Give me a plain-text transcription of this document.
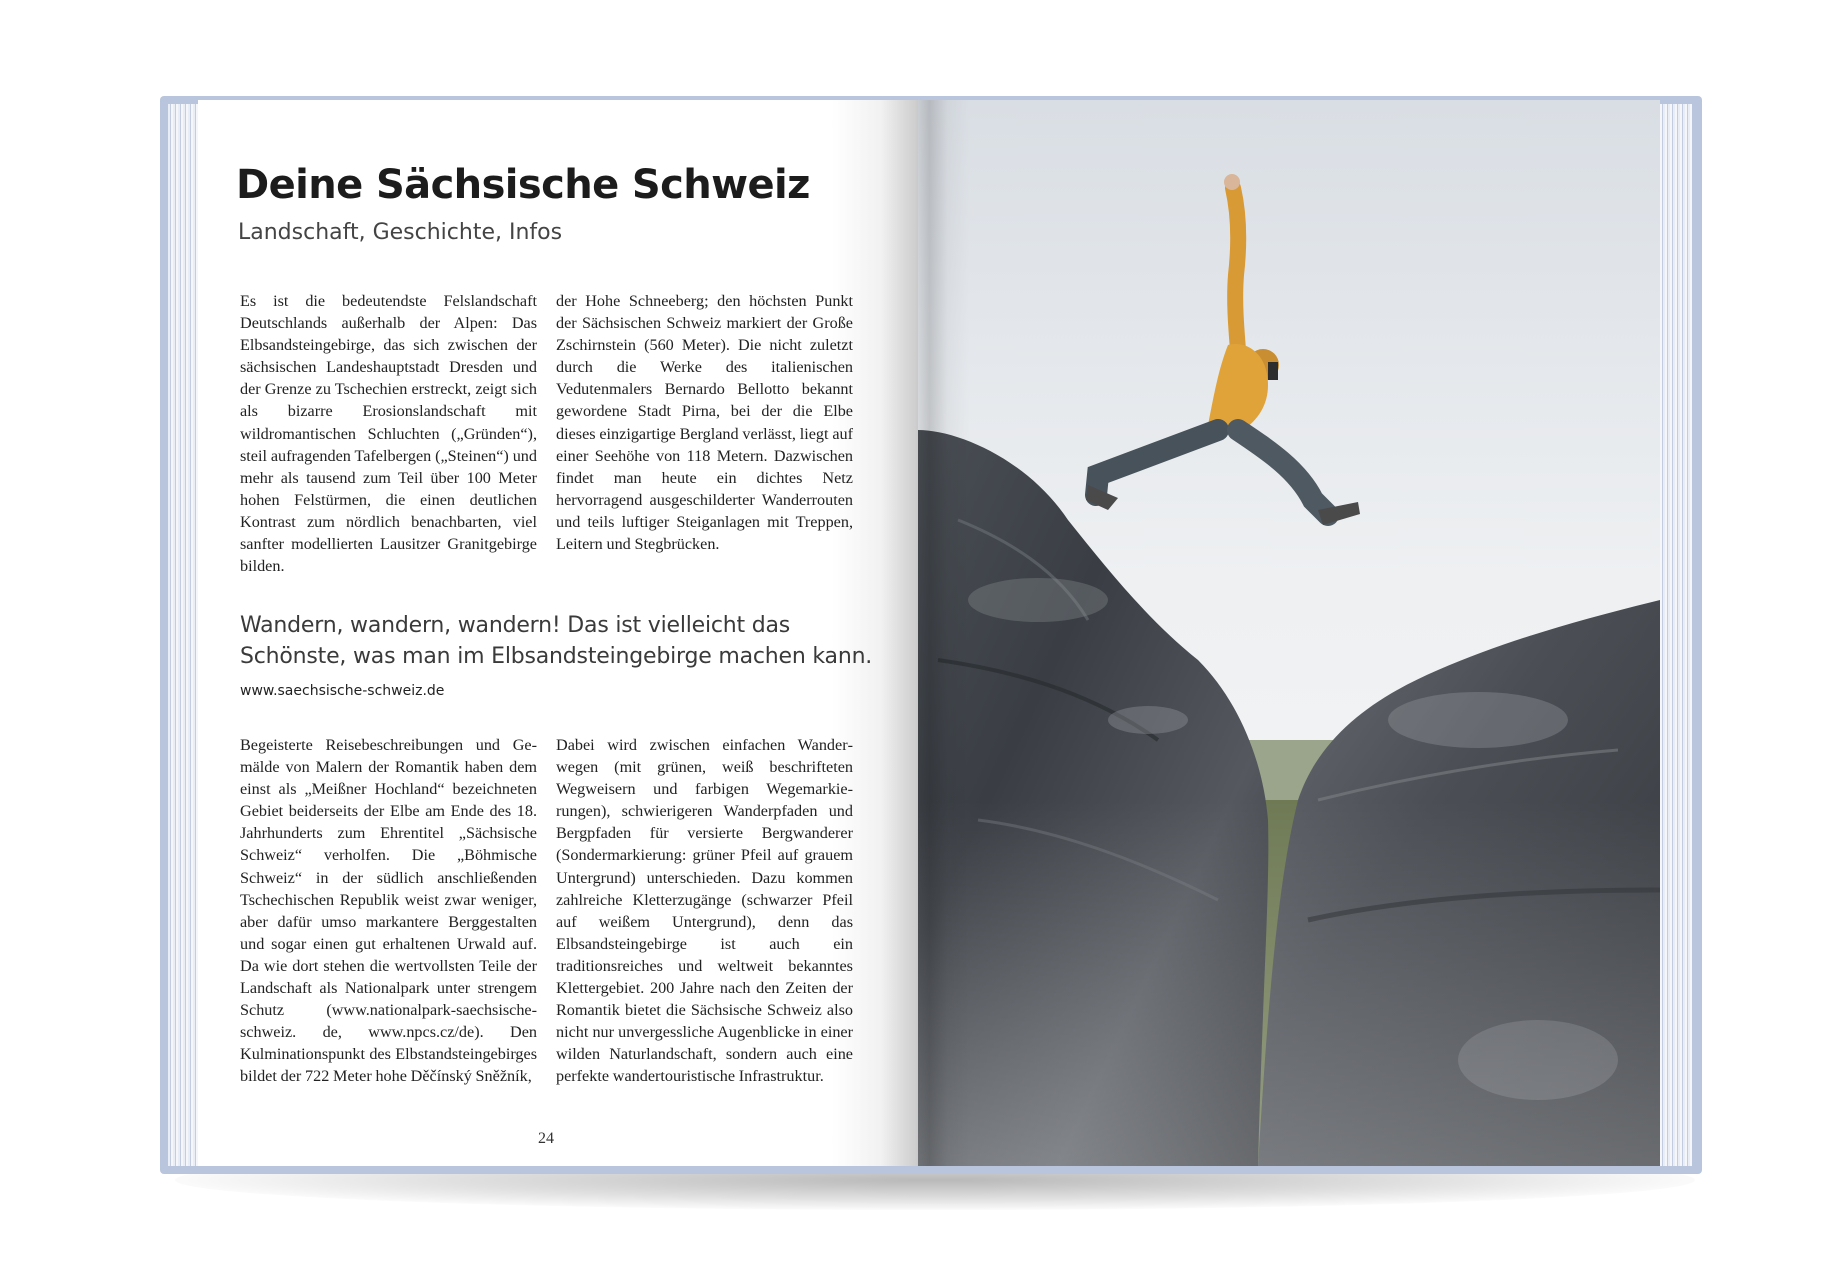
Deine Sächsische Schweiz
Landschaft, Geschichte, Infos

Es ist die bedeutendste Felslandschaft Deutschlands außerhalb der Alpen: Das Elbsandsteingebirge, das sich zwischen der sächsischen Landeshauptstadt Dresden und der Grenze zu Tschechien erstreckt, zeigt sich als bizarre Erosionslandschaft mit wildromantischen Schluchten („Gründen“), steil aufragenden Tafelbergen („Steinen“) und mehr als tausend zum Teil über 100 Meter hohen Felstürmen, die einen deutlichen Kontrast zum nördlich benachbarten, viel sanfter modellierten Lausitzer Granitgebirge bilden.

der Hohe Schneeberg; den höchsten Punkt der Sächsischen Schweiz markiert der Große Zschirnstein (560 Meter). Die nicht zuletzt durch die Werke des italienischen Vedutenmalers Bernardo Bellotto bekannt gewordene Stadt Pirna, bei der die Elbe dieses einzigartige Bergland verlässt, liegt auf einer Seehöhe von 118 Metern. Dazwischen findet man heute ein dichtes Netz hervorragend ausgeschilderter Wanderrouten und teils luftiger Steiganlagen mit Treppen, Leitern und Stegbrücken.

Wandern, wandern, wandern! Das ist vielleicht das Schönste, was man im Elbsandsteingebirge machen kann.

www.saechsische-schweiz.de

Begeisterte Reisebeschreibungen und Gemälde von Malern der Romantik haben dem einst als „Meißner Hochland“ bezeichneten Gebiet beiderseits der Elbe am Ende des 18. Jahrhunderts zum Ehrentitel „Sächsische Schweiz“ verholfen. Die „Böhmische Schweiz“ in der südlich anschließenden Tschechischen Republik weist zwar weniger, aber dafür umso markantere Berggestalten und sogar einen gut erhaltenen Urwald auf. Da wie dort stehen die wertvollsten Teile der Landschaft als Nationalpark unter strengem Schutz (www.nationalpark-saechsische-schweiz. de, www.npcs.cz/de). Den Kulminationspunkt des Elbstandsteingebirges bildet der 722 Meter hohe Děčínský Sněžník,

Dabei wird zwischen einfachen Wanderwegen (mit grünen, weiß beschrifteten Wegweisern und farbigen Wegemarkierungen), schwierigeren Wanderpfaden und Bergpfaden für versierte Bergwanderer (Sondermarkierung: grüner Pfeil auf grauem Untergrund) unterschieden. Dazu kommen zahlreiche Kletterzugänge (schwarzer Pfeil auf weißem Untergrund), denn das Elbsandsteingebirge ist auch ein traditionsreiches und weltweit bekanntes Klettergebiet. 200 Jahre nach den Zeiten der Romantik bietet die Sächsische Schweiz also nicht nur unvergessliche Augenblicke in einer wilden Naturlandschaft, sondern auch eine perfekte wandertouristische Infrastruktur.

24
